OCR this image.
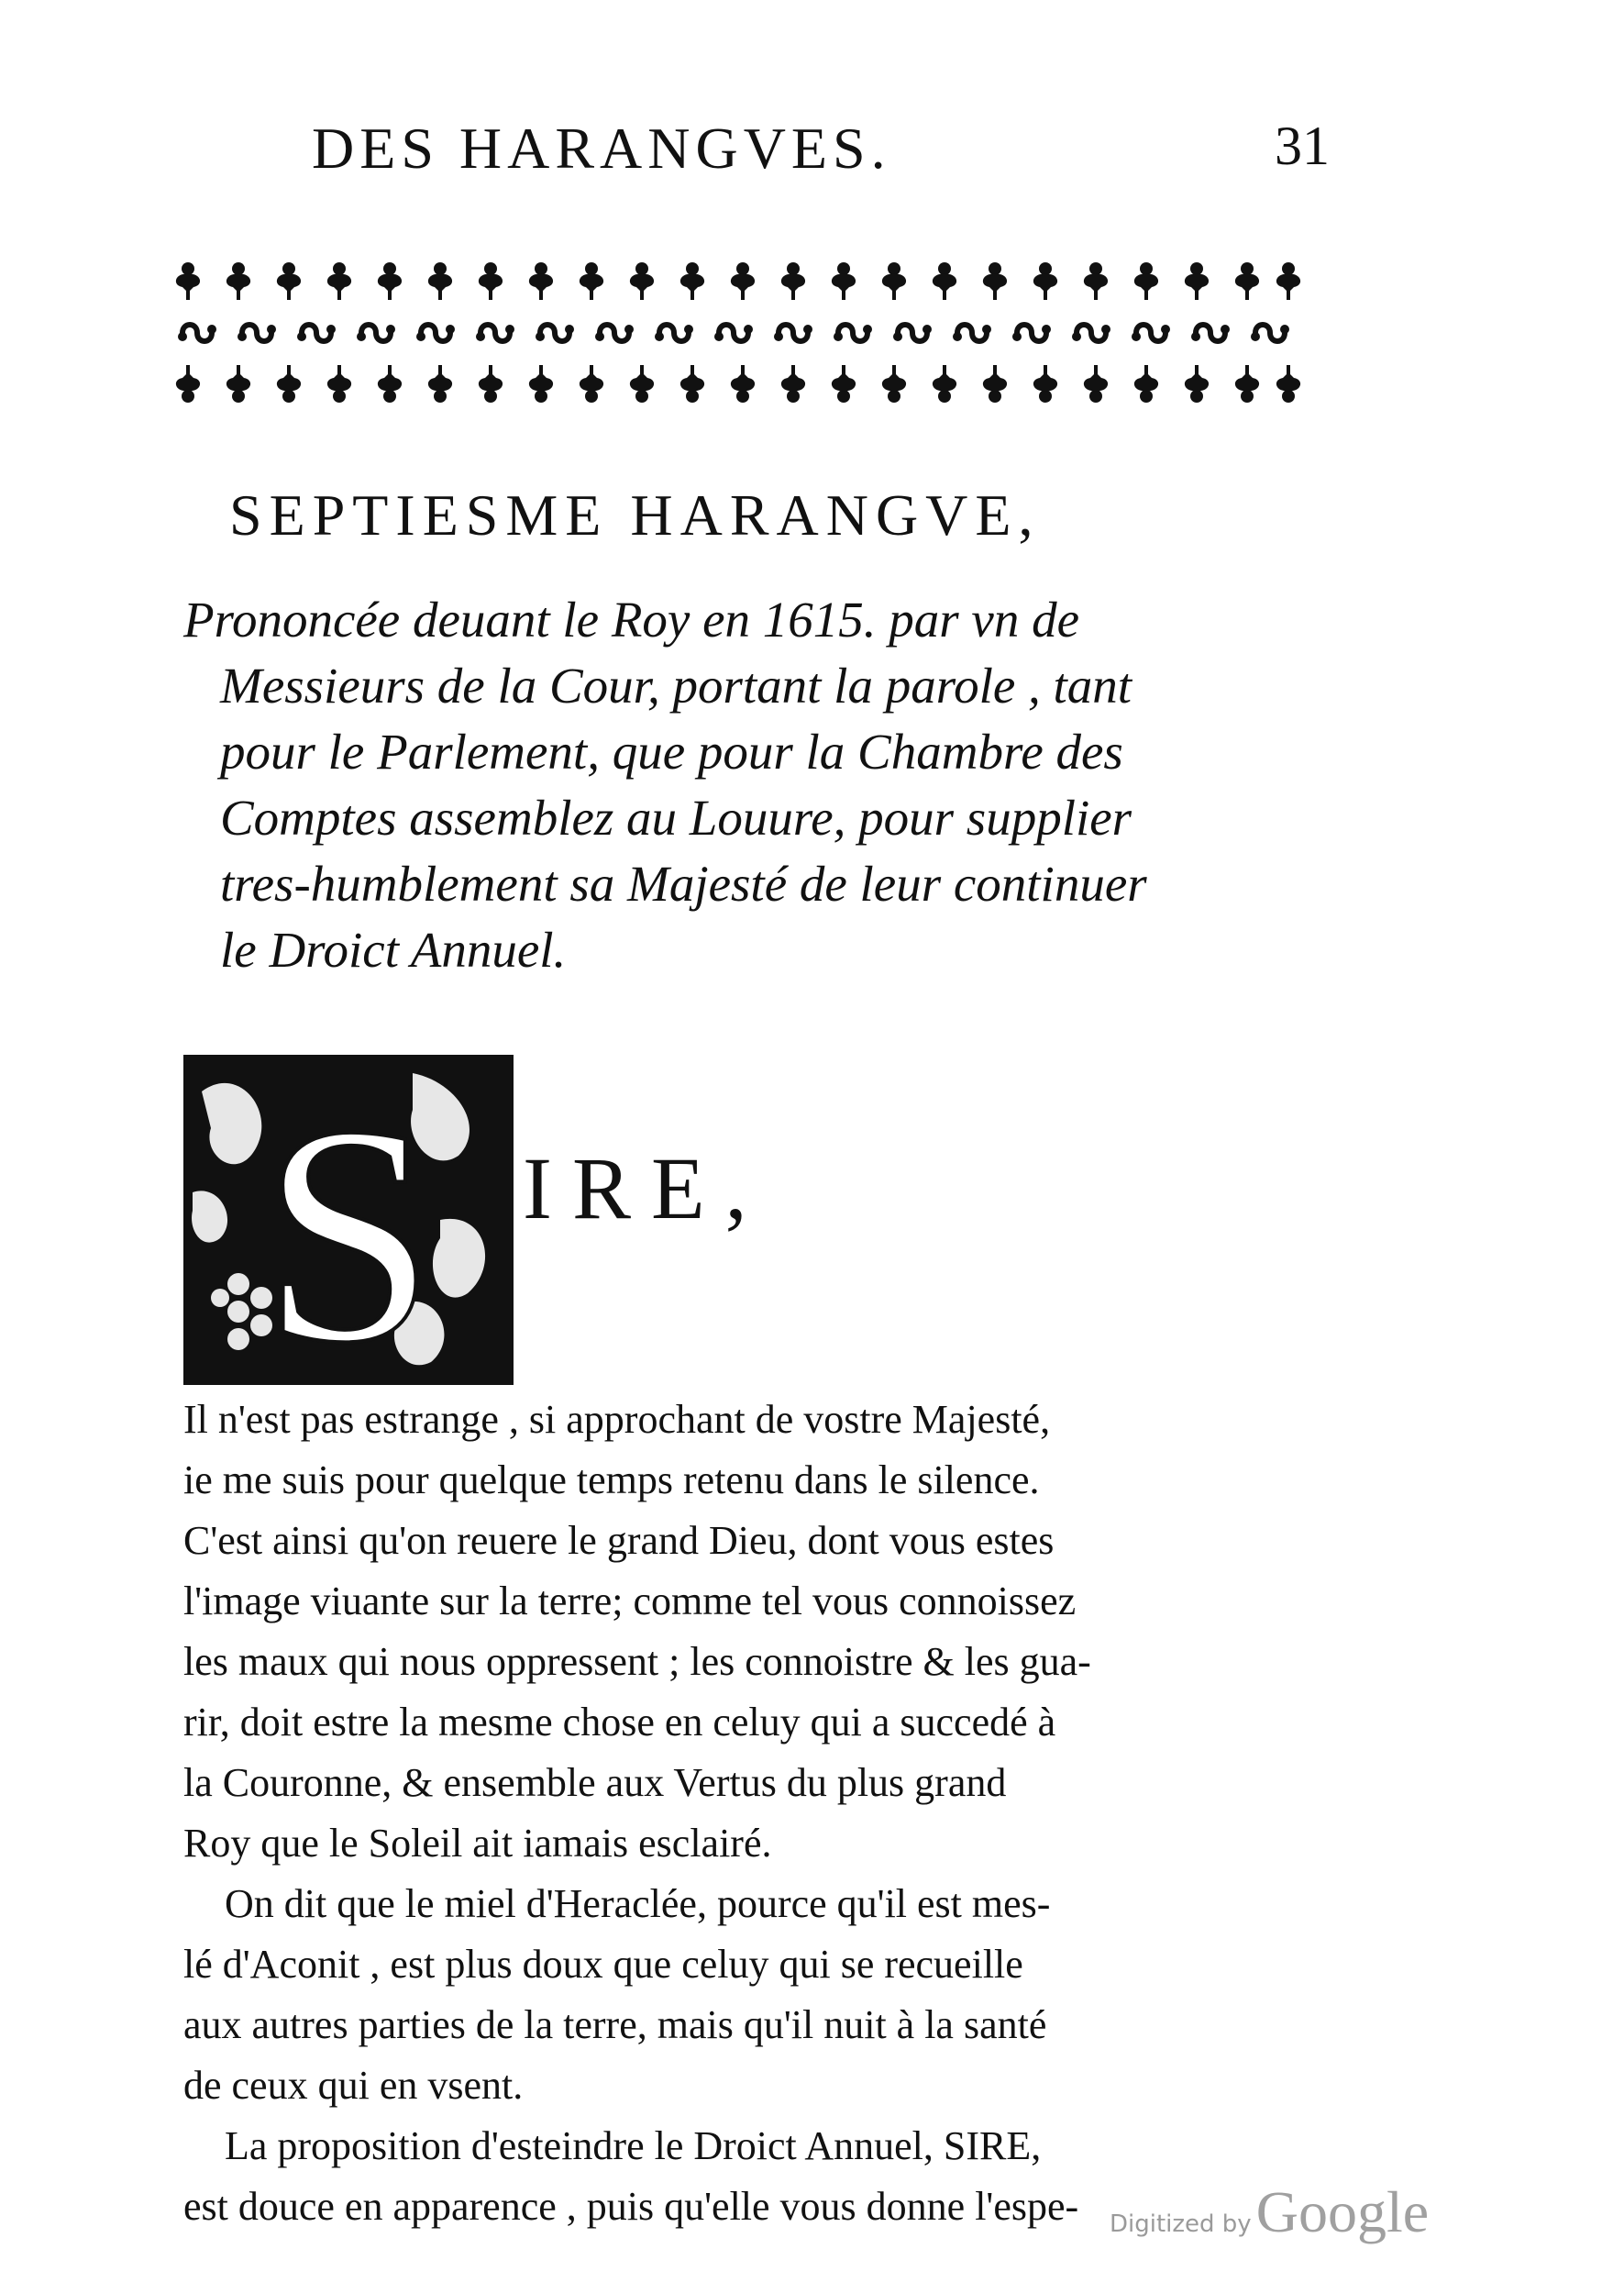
DES HARANGVES.	31
SEPTIESME HARANGVE,
Prononcée deuant le Roy en 1615. par vn de
Messieurs de la Cour, portant la parole , tant
pour le Parlement, que pour la Chambre des
Comptes assemblez au Louure, pour supplier
tres-humblement sa Majesté de leur continuer
le Droict Annuel.
S IRE,
Il n'est pas estrange , si approchant de vostre Majesté,
ie me suis pour quelque temps retenu dans le silence.
C'est ainsi qu'on reuere le grand Dieu, dont vous estes
l'image viuante sur la terre; comme tel vous connoissez
les maux qui nous oppressent ; les connoistre & les gua-
rir, doit estre la mesme chose en celuy qui a succedé à
la Couronne, & ensemble aux Vertus du plus grand
Roy que le Soleil ait iamais esclairé.
On dit que le miel d'Heraclée, pource qu'il est mes-
lé d'Aconit , est plus doux que celuy qui se recueille
aux autres parties de la terre, mais qu'il nuit à la santé
de ceux qui en vsent.
La proposition d'esteindre le Droict Annuel, SIRE,
est douce en apparence , puis qu'elle vous donne l'espe-	Digitized by Google
